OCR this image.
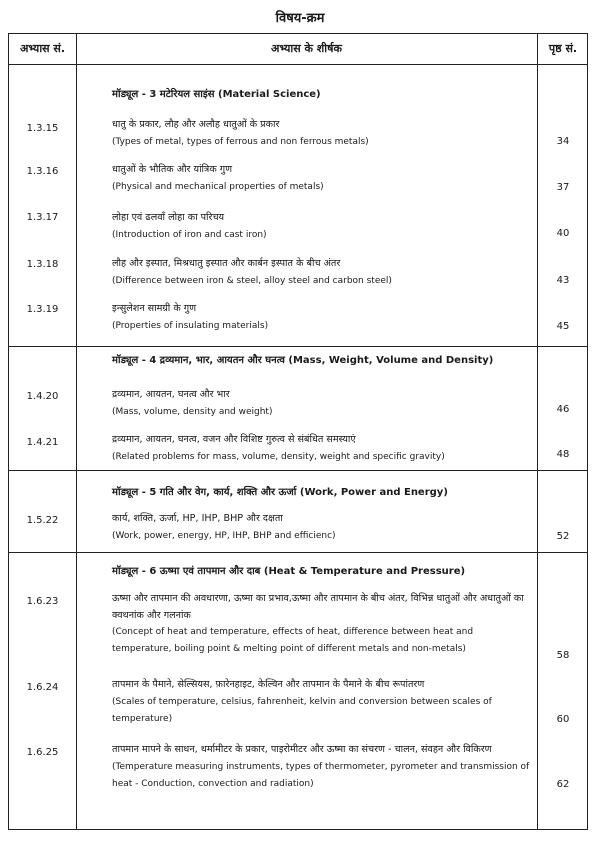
विषय-क्रम
अभ्यास सं.	अभ्यास के शीर्षक	पृष्ठ सं.
मॉड्यूल - 3 मटेरियल साइंस (Material Science)
1.3.15	धातु के प्रकार, लौह और अलौह धातुओं के प्रकार
(Types of metal, types of ferrous and non ferrous metals)	34
1.3.16	धातुओं के भौतिक और यांत्रिक गुण
(Physical and mechanical properties of metals)	37
1.3.17	लोहा एवं ढलवाँ लोहा का परिचय
(Introduction of iron and cast iron)	40
1.3.18	लौह और इस्पात, मिश्रधातु इस्पात और कार्बन इस्पात के बीच अंतर
(Difference between iron & steel, alloy steel and carbon steel)	43
1.3.19	इन्सुलेशन सामग्री के गुण
(Properties of insulating materials)	45
मॉड्यूल - 4 द्रव्यमान, भार, आयतन और घनत्व (Mass, Weight, Volume and Density)
1.4.20	द्रव्यमान, आयतन, घनत्व और भार
(Mass, volume, density and weight)	46
1.4.21	द्रव्यमान, आयतन, घनत्व, वजन और विशिष्ट गुरुत्व से संबंधित समस्याएं
(Related problems for mass, volume, density, weight and specific gravity)	48
मॉड्यूल - 5 गति और वेग, कार्य, शक्ति और ऊर्जा (Work, Power and Energy)
1.5.22	कार्य, शक्ति, ऊर्जा, HP, IHP, BHP और दक्षता
(Work, power, energy, HP, IHP, BHP and efficienc)	52
मॉड्यूल - 6 ऊष्मा एवं तापमान और दाब (Heat & Temperature and Pressure)
1.6.23	ऊष्मा और तापमान की अवधारणा, ऊष्मा का प्रभाव,ऊष्मा और तापमान के बीच अंतर, विभिन्न धातुओं और अधातुओं का क्वथनांक और गलनांक
(Concept of heat and temperature, effects of heat, difference between heat and temperature, boiling point & melting point of different metals and non-metals)
58
1.6.24	तापमान के पैमाने, सेल्सियस, फ़ारेनहाइट, केल्विन और तापमान के पैमाने के बीच रूपांतरण
(Scales of temperature, celsius, fahrenheit, kelvin and conversion between scales of temperature)	60
1.6.25	तापमान मापने के साधन, थर्मामीटर के प्रकार, पाइरोमीटर और ऊष्मा का संचरण - चालन, संवहन और विकिरण
(Temperature measuring instruments, types of thermometer, pyrometer and transmission of heat - Conduction, convection and radiation)	62
